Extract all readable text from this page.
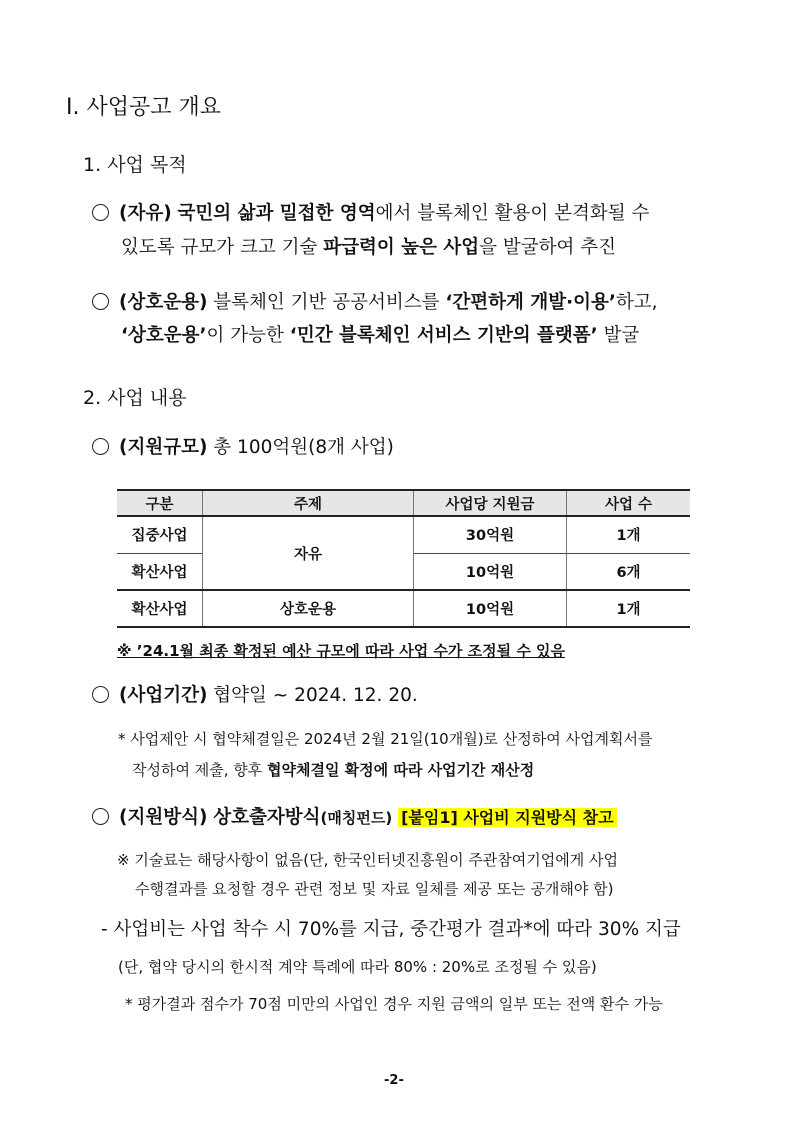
I. 사업공고 개요
1. 사업 목적
(자유) 국민의 삶과 밀접한 영역에서 블록체인 활용이 본격화될 수
있도록 규모가 크고 기술 파급력이 높은 사업을 발굴하여 추진
(상호운용) 블록체인 기반 공공서비스를 ‘간편하게 개발·이용’하고,
‘상호운용’이 가능한 ‘민간 블록체인 서비스 기반의 플랫폼’ 발굴
2. 사업 내용
(지원규모) 총 100억원(8개 사업)
구분	주제	사업당 지원금	사업 수
집중사업	자유	30억원	1개
확산사업		10억원	6개
확산사업	상호운용	10억원	1개
※ ’24.1월 최종 확정된 예산 규모에 따라 사업 수가 조정될 수 있음
(사업기간) 협약일 ~ 2024. 12. 20.
* 사업제안 시 협약체결일은 2024년 2월 21일(10개월)로 산정하여 사업계획서를
작성하여 제출, 향후 협약체결일 확정에 따라 사업기간 재산정
(지원방식) 상호출자방식(매칭펀드) [붙임1] 사업비 지원방식 참고
※ 기술료는 해당사항이 없음(단, 한국인터넷진흥원이 주관참여기업에게 사업
수행결과를 요청할 경우 관련 정보 및 자료 일체를 제공 또는 공개해야 함)
- 사업비는 사업 착수 시 70%를 지급, 중간평가 결과*에 따라 30% 지급
(단, 협약 당시의 한시적 계약 특례에 따라 80% : 20%로 조정될 수 있음)
* 평가결과 점수가 70점 미만의 사업인 경우 지원 금액의 일부 또는 전액 환수 가능
-2-
